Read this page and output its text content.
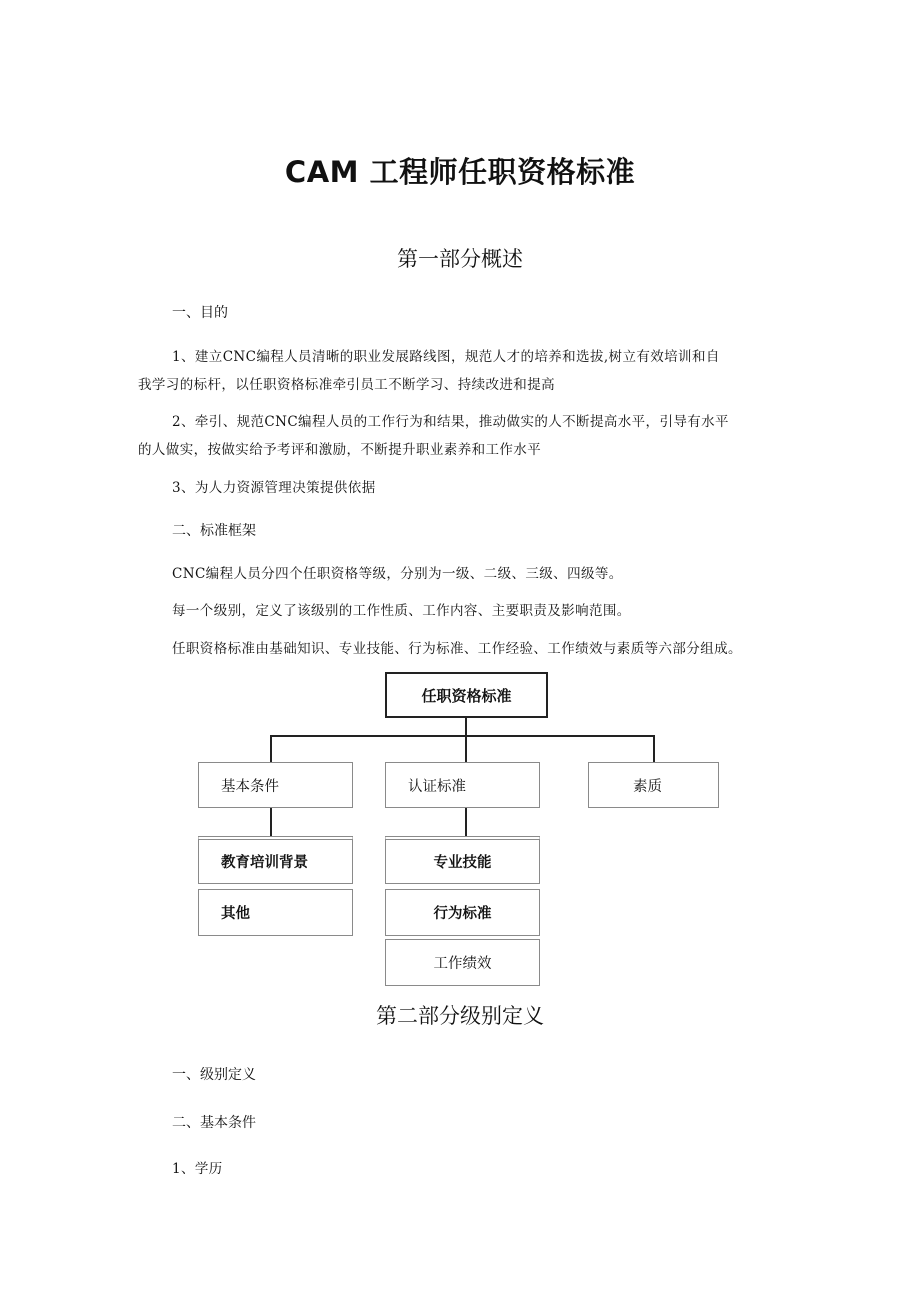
CAM 工程师任职资格标准
第一部分概述
一、目的
1、建立CNC编程人员清晰的职业发展路线图，规范人才的培养和选拔,树立有效培训和自
我学习的标杆，以任职资格标准牵引员工不断学习、持续改进和提高
2、牵引、规范CNC编程人员的工作行为和结果，推动做实的人不断提高水平，引导有水平
的人做实，按做实给予考评和激励，不断提升职业素养和工作水平
3、为人力资源管理决策提供依据
二、标准框架
CNC编程人员分四个任职资格等级，分别为一级、二级、三级、四级等。
每一个级别，定义了该级别的工作性质、工作内容、主要职责及影响范围。
任职资格标准由基础知识、专业技能、行为标准、工作经验、工作绩效与素质等六部分组成。
任职资格标准
基本条件	认证标准	素质
教育培训背景
其他
专业技能
行为标准
工作绩效
第二部分级别定义
一、级别定义
二、基本条件
1、学历
